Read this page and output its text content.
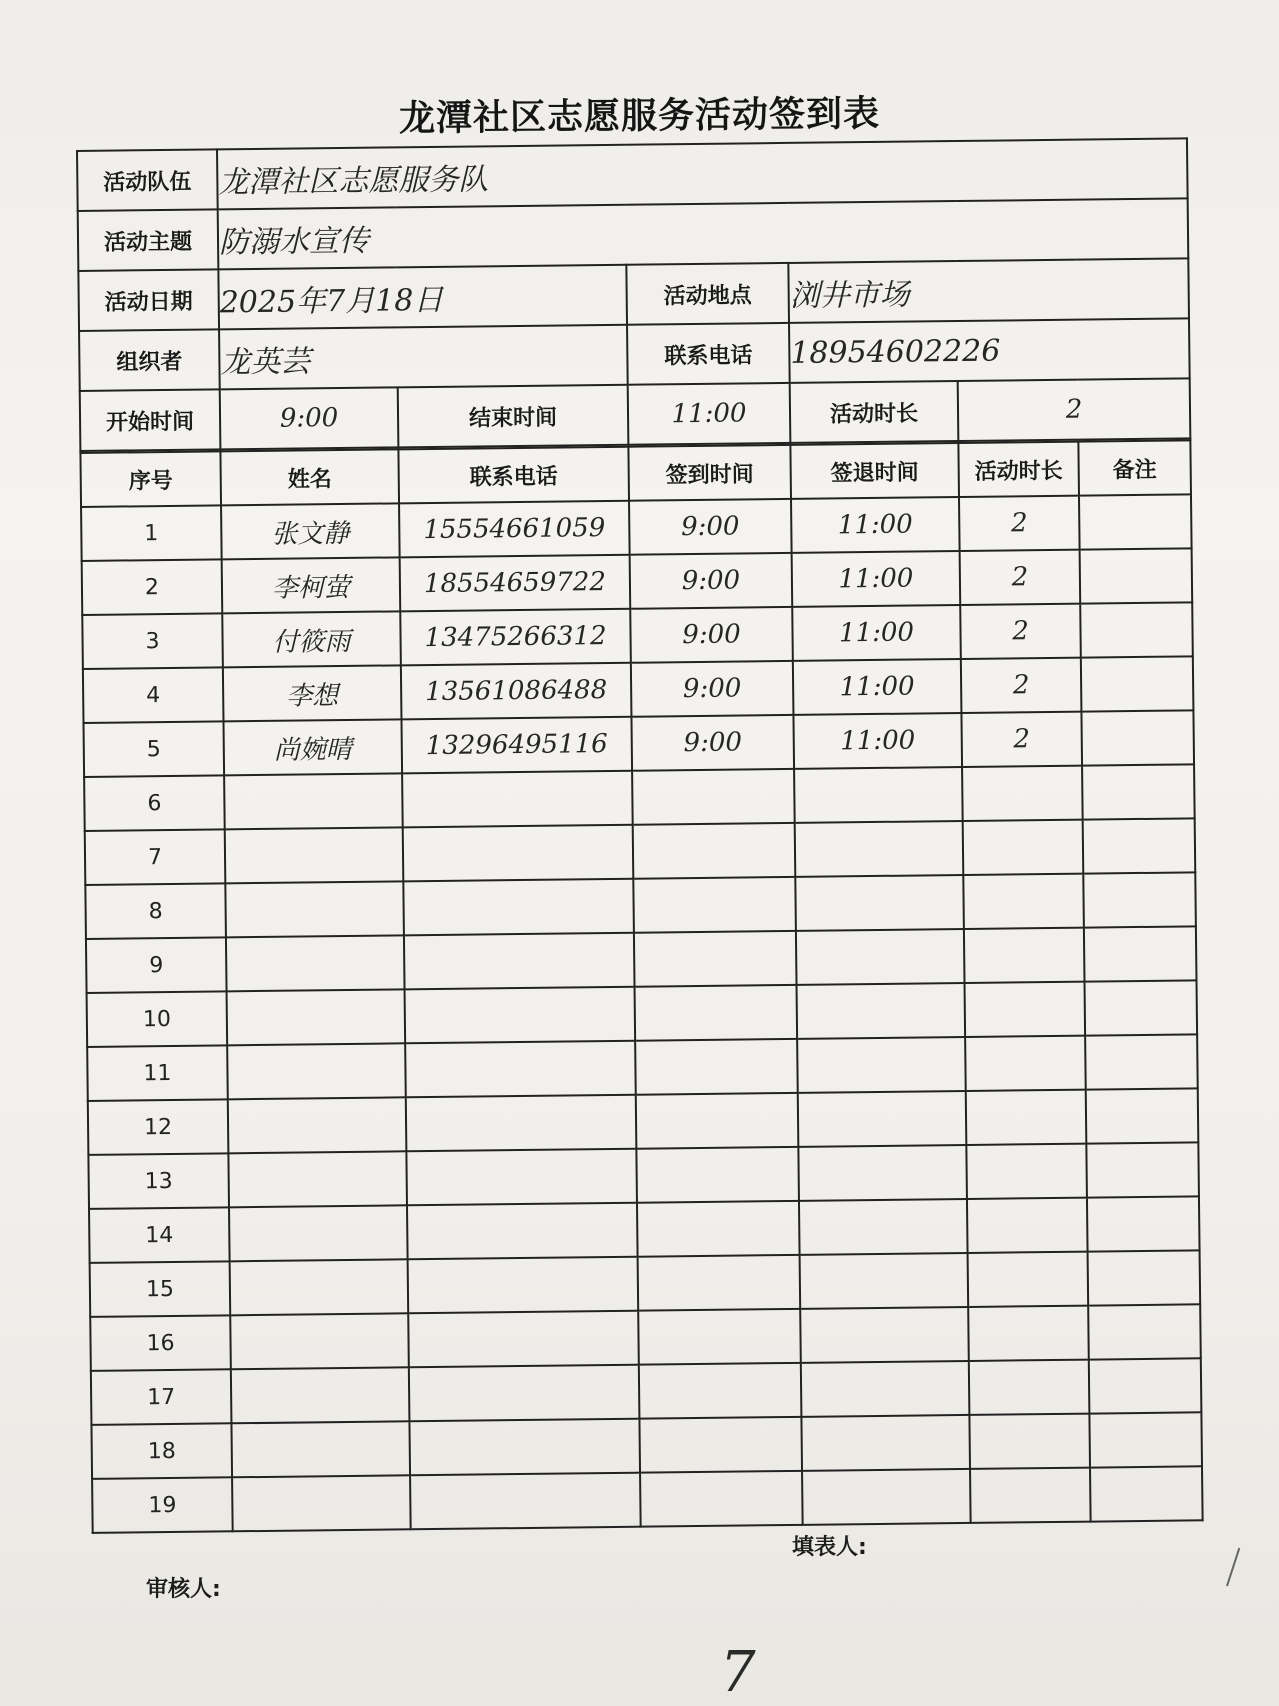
龙潭社区志愿服务活动签到表
活动队伍	龙潭社区志愿服务队				
活动主题	防溺水宣传				
活动日期	2025年7月18日		活动地点	浏井市场	
组织者	龙英芸		联系电话	18954602226	
开始时间	9:00	结束时间	11:00	活动时长	2
序号	姓名	联系电话	签到时间	签退时间	活动时长	备注
1	张文静	15554661059	9:00	11:00	2	
2	李柯萤	18554659722	9:00	11:00	2	
3	付筱雨	13475266312	9:00	11:00	2	
4	李想	13561086488	9:00	11:00	2	
5	尚婉晴	13296495116	9:00	11:00	2	
6						
7						
8						
9						
10						
11						
12						
13						
14						
15						
16						
17						
18						
19						
填表人:
审核人:
7
